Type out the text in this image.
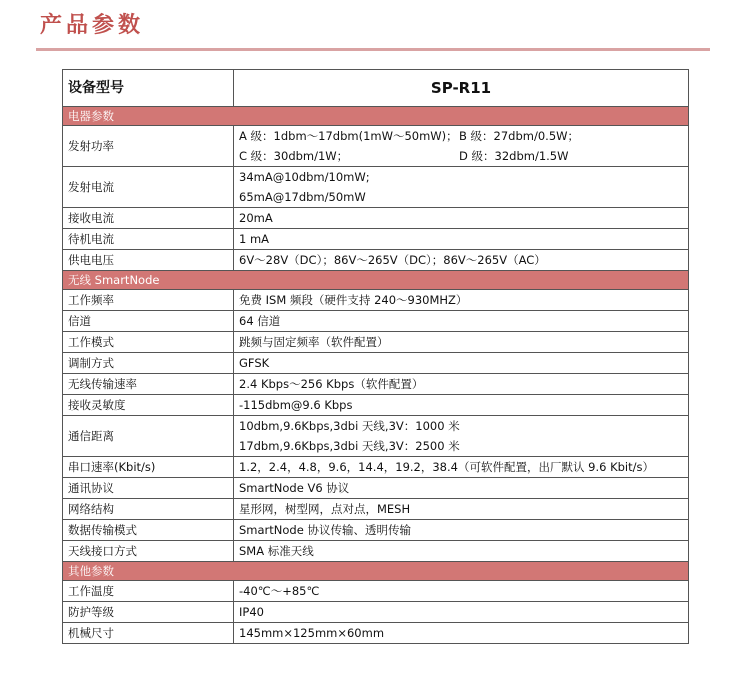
产品参数
设备型号	SP-R11
电器参数	
发射功率	A 级：1dbm～17dbm(1mW～50mW)；B 级：27dbm/0.5W；
C 级：30dbm/1W； D 级：32dbm/1.5W

发射电流	34mA@10dbm/10mW;
65mA@17dbm/50mW

接收电流	20mA

待机电流	1 mA

供电电压	6V～28V（DC）；86V～265V（DC）；86V～265V（AC）

无线 SmartNode	
工作频率	免费 ISM 频段（硬件支持 240～930MHZ）

信道	64 信道

工作模式	跳频与固定频率（软件配置）

调制方式	GFSK

无线传输速率	2.4 Kbps～256 Kbps（软件配置）

接收灵敏度	-115dbm@9.6 Kbps

通信距离	10dbm,9.6Kbps,3dbi 天线,3V：1000 米
17dbm,9.6Kbps,3dbi 天线,3V：2500 米

串口速率(Kbit/s)	1.2，2.4，4.8，9.6，14.4，19.2，38.4（可软件配置，出厂默认 9.6 Kbit/s）

通讯协议	SmartNode V6 协议

网络结构	星形网，树型网，点对点，MESH

数据传输模式	SmartNode 协议传输、透明传输

天线接口方式	SMA 标准天线

其他参数	
工作温度	-40℃～+85℃

防护等级	IP40

机械尺寸	145mm×125mm×60mm
